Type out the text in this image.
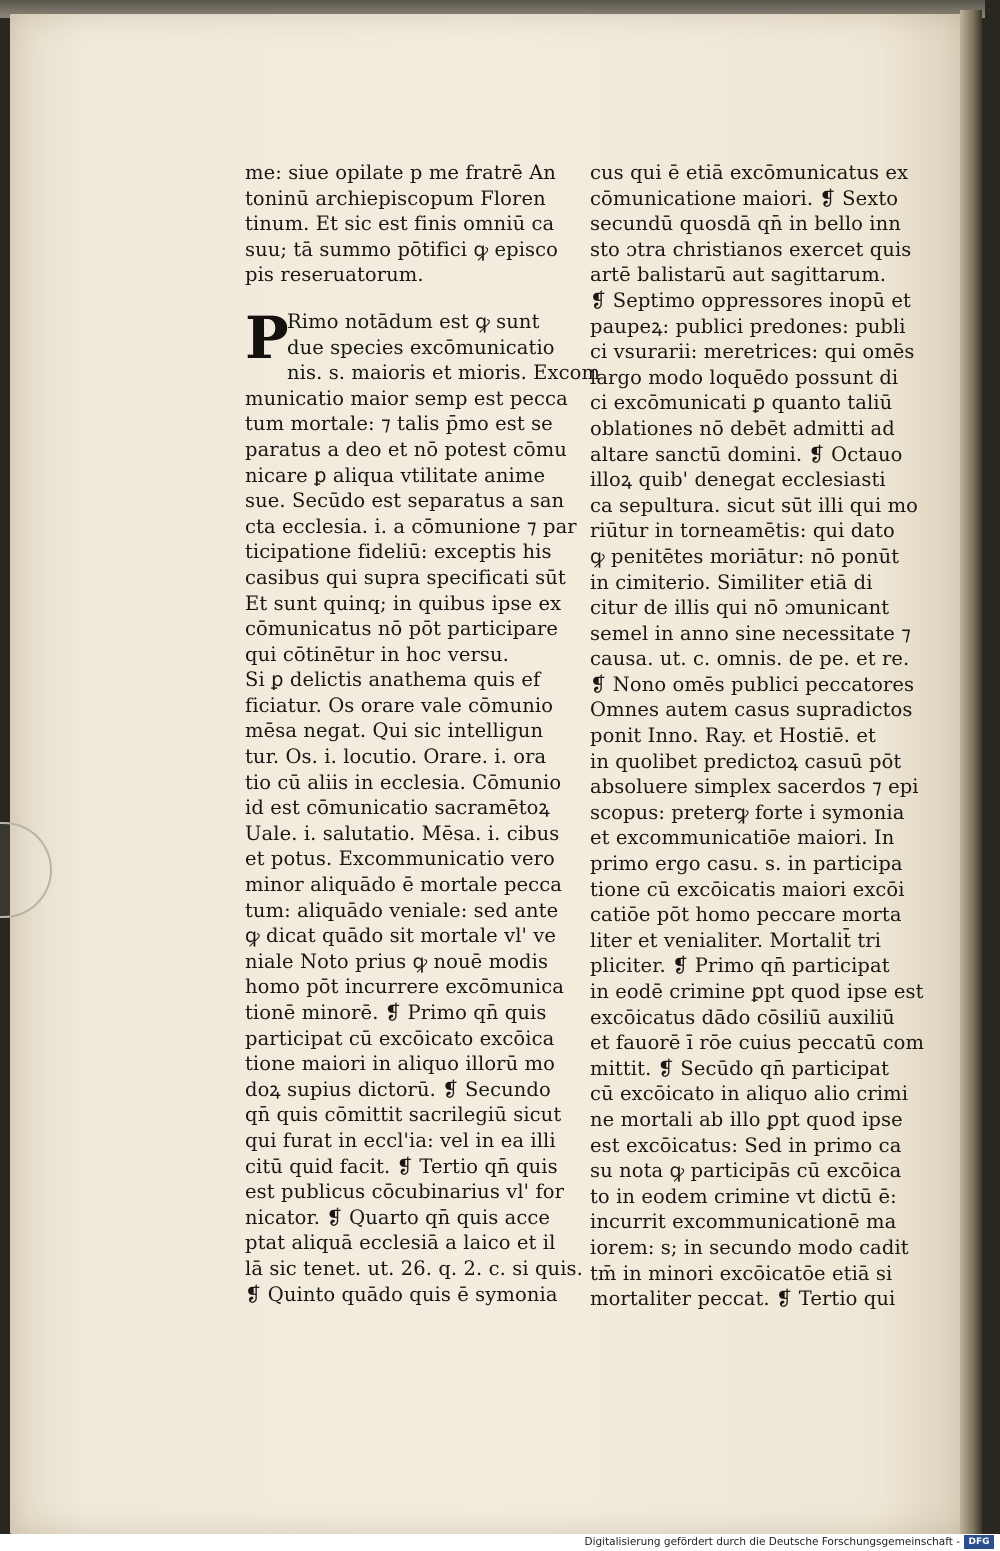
me: siue opilate p me fratrē An
toninū archiepiscopum Floren
tinum. Et sic est finis omniū ca
suu; tā summo pōtifici ꝙ episco
pis reseruatorum.
P
Rimo notādum est ꝙ sunt
due species excōmunicatio
nis. s. maioris et mioris. Excom
municatio maior semp est pecca
tum mortale: ⁊ talis p̄mo est se
paratus a deo et nō potest cōmu
nicare ꝑ aliqua vtilitate anime
sue. Secūdo est separatus a san
cta ecclesia. i. a cōmunione ⁊ par
ticipatione fideliū: exceptis his
casibus qui supra specificati sūt
Et sunt quinq; in quibus ipse ex
cōmunicatus nō pōt participare
qui cōtinētur in hoc versu.
Si ꝑ delictis anathema quis ef
ficiatur. Os orare vale cōmunio
mēsa negat. Qui sic intelligun
tur. Os. i. locutio. Orare. i. ora
tio cū aliis in ecclesia. Cōmunio
id est cōmunicatio sacramētoꝝ
Uale. i. salutatio. Mēsa. i. cibus
et potus. Excommunicatio vero
minor aliquādo ē mortale pecca
tum: aliquādo veniale: sed ante
ꝙ dicat quādo sit mortale vl' ve
niale Noto prius ꝙ nouē modis
homo pōt incurrere excōmunica
tionē minorē. ❡ Primo qn̄ quis
participat cū excōicato excōica
tione maiori in aliquo illorū mo
doꝝ supius dictorū. ❡ Secundo
qn̄ quis cōmittit sacrilegiū sicut
qui furat in eccl'ia: vel in ea illi
citū quid facit. ❡ Tertio qn̄ quis
est publicus cōcubinarius vl' for
nicator. ❡ Quarto qn̄ quis acce
ptat aliquā ecclesiā a laico et il
lā sic tenet. ut. 26. q. 2. c. si quis.
❡ Quinto quādo quis ē symonia
cus qui ē etiā excōmunicatus ex
cōmunicatione maiori. ❡ Sexto
secundū quosdā qn̄ in bello inn
sto ɔtra christianos exercet quis
artē balistarū aut sagittarum.
❡ Septimo oppressores inopū et
paupeꝝ: publici predones: publi
ci vsurarii: meretrices: qui omēs
largo modo loquēdo possunt di
ci excōmunicati ꝑ quanto taliū
oblationes nō debēt admitti ad
altare sanctū domini. ❡ Octauo
illoꝝ quib' denegat ecclesiasti
ca sepultura. sicut sūt illi qui mo
riūtur in torneamētis: qui dato
ꝙ penitētes moriātur: nō ponūt
in cimiterio. Similiter etiā di
citur de illis qui nō ɔmunicant
semel in anno sine necessitate ⁊
causa. ut. c. omnis. de pe. et re.
❡ Nono omēs publici peccatores
Omnes autem casus supradictos
ponit Inno. Ray. et Hostiē. et
in quolibet predictoꝝ casuū pōt
absoluere simplex sacerdos ⁊ epi
scopus: preterꝙ forte i symonia
et excommunicatiōe maiori. In
primo ergo casu. s. in participa
tione cū excōicatis maiori excōi
catiōe pōt homo peccare morta
liter et venialiter. Mortalit̄ tri
pliciter. ❡ Primo qn̄ participat
in eodē crimine ꝑpt quod ipse est
excōicatus dādo cōsiliū auxiliū
et fauorē ī rōe cuius peccatū com
mittit. ❡ Secūdo qn̄ participat
cū excōicato in aliquo alio crimi
ne mortali ab illo ꝑpt quod ipse
est excōicatus: Sed in primo ca
su nota ꝙ participās cū excōica
to in eodem crimine vt dictū ē:
incurrit excommunicationē ma
iorem: s; in secundo modo cadit
tm̄ in minori excōicatōe etiā si
mortaliter peccat. ❡ Tertio qui
Digitalisierung gefördert durch die Deutsche Forschungsgemeinschaft - DFG
